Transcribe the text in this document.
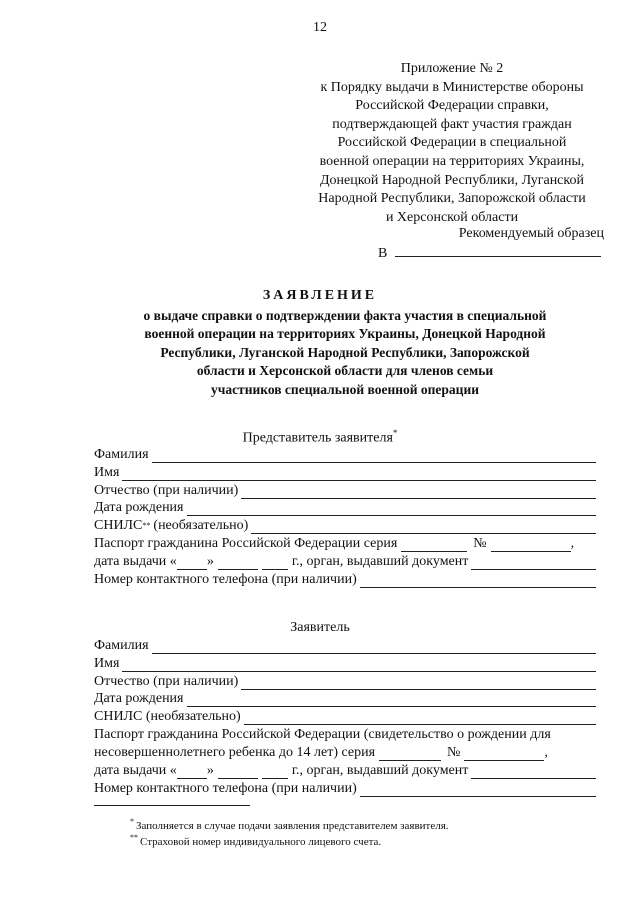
12
Приложение № 2
к Порядку выдачи в Министерстве обороны
Российской Федерации справки,
подтверждающей факт участия граждан
Российской Федерации в специальной
военной операции на территориях Украины,
Донецкой Народной Республики, Луганской
Народной Республики, Запорожской области
и Херсонской области
Рекомендуемый образец
В
ЗАЯВЛЕНИЕ
о выдаче справки о подтверждении факта участия в специальной
военной операции на территориях Украины, Донецкой Народной
Республики, Луганской Народной Республики, Запорожской
области и Херсонской области для членов семьи
участников специальной военной операции
Представитель заявителя*
Фамилия
Имя
Отчество (при наличии)
Дата рождения
СНИЛС ** (необязательно)
Паспорт гражданина Российской Федерации серия	№	,
дата выдачи « »	г., орган, выдавший документ
Номер контактного телефона (при наличии)
Заявитель
Фамилия
Имя
Отчество (при наличии)
Дата рождения
СНИЛС (необязательно)
Паспорт гражданина Российской Федерации (свидетельство о рождении для
несовершеннолетнего ребенка до 14 лет) серия	№	,
дата выдачи « »	г., орган, выдавший документ
Номер контактного телефона (при наличии)
* Заполняется в случае подачи заявления представителем заявителя.
** Страховой номер индивидуального лицевого счета.
